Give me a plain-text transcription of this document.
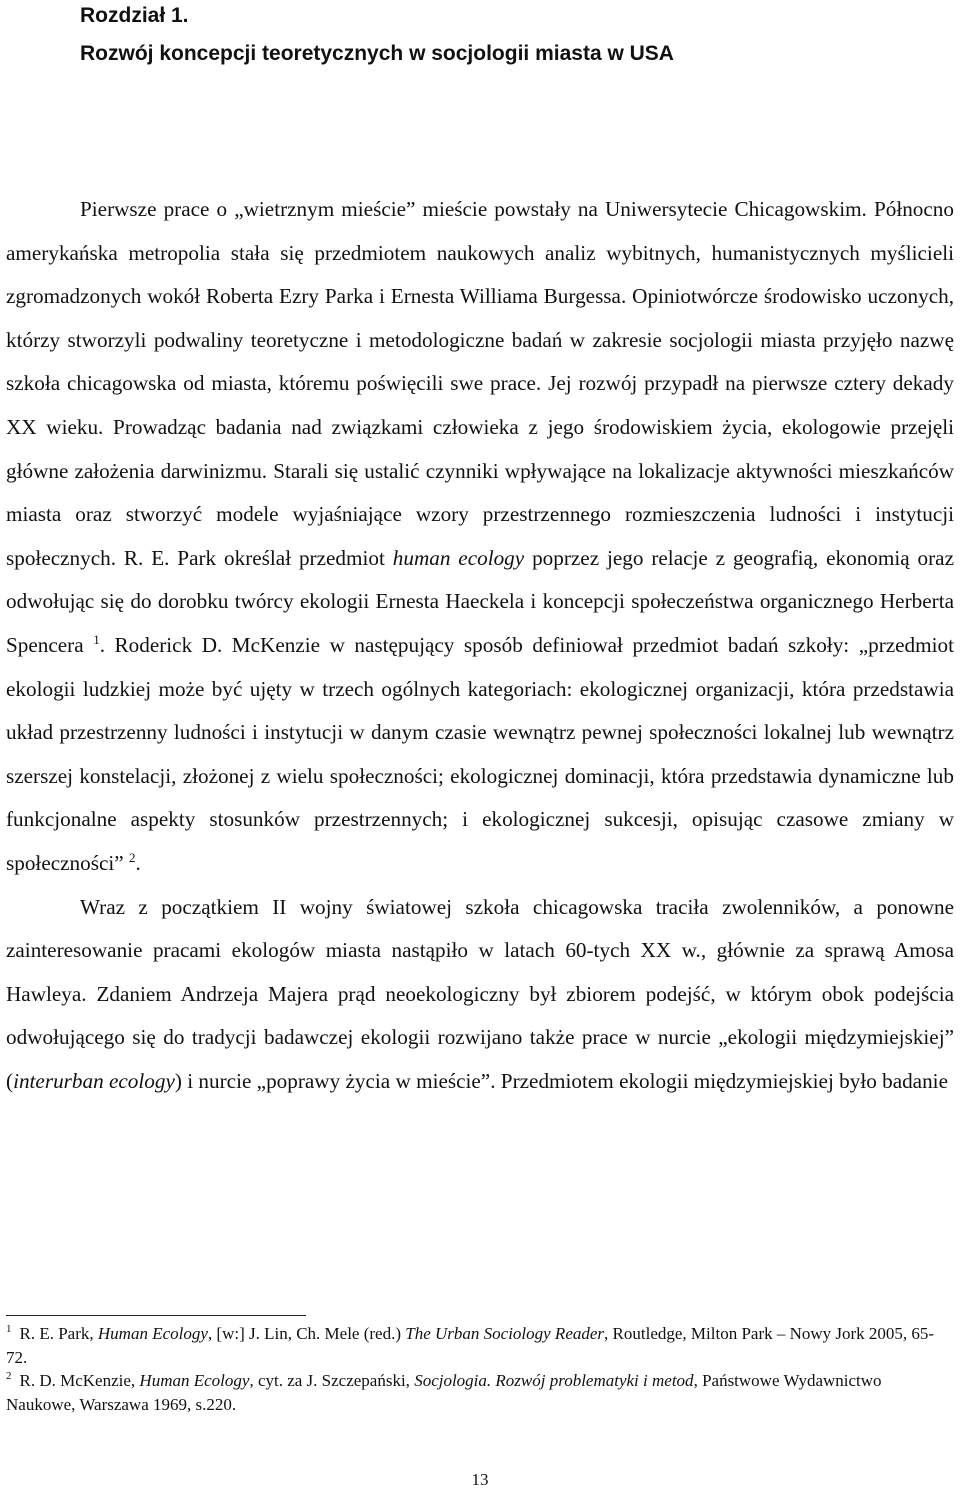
Rozdział 1.
Rozwój koncepcji teoretycznych w socjologii miasta w USA

Pierwsze prace o „wietrznym mieście” mieście powstały na Uniwersytecie Chicagowskim. Północno amerykańska metropolia stała się przedmiotem naukowych analiz wybitnych, humanistycznych myślicieli zgromadzonych wokół Roberta Ezry Parka i Ernesta Williama Burgessa. Opiniotwórcze środowisko uczonych, którzy stworzyli podwaliny teoretyczne i metodologiczne badań w zakresie socjologii miasta przyjęło nazwę szkoła chicagowska od miasta, któremu poświęcili swe prace. Jej rozwój przypadł na pierwsze cztery dekady XX wieku. Prowadząc badania nad związkami człowieka z jego środowiskiem życia, ekologowie przejęli główne założenia darwinizmu. Starali się ustalić czynniki wpływające na lokalizacje aktywności mieszkańców miasta oraz stworzyć modele wyjaśniające wzory przestrzennego rozmieszczenia ludności i instytucji społecznych. R. E. Park określał przedmiot human ecology poprzez jego relacje z geografią, ekonomią oraz odwołując się do dorobku twórcy ekologii Ernesta Haeckela i koncepcji społeczeństwa organicznego Herberta Spencera $^1$. Roderick D. McKenzie w następujący sposób definiował przedmiot badań szkoły: „przedmiot ekologii ludzkiej może być ujęty w trzech ogólnych kategoriach: ekologicznej organizacji, która przedstawia układ przestrzenny ludności i instytucji w danym czasie wewnątrz pewnej społeczności lokalnej lub wewnątrz szerszej konstelacji, złożonej z wielu społeczności; ekologicznej dominacji, która przedstawia dynamiczne lub funkcjonalne aspekty stosunków przestrzennych; i ekologicznej sukcesji, opisując czasowe zmiany w społeczności” $^2$.

Wraz z początkiem II wojny światowej szkoła chicagowska traciła zwolenników, a ponowne zainteresowanie pracami ekologów miasta nastąpiło w latach 60-tych XX w., głównie za sprawą Amosa Hawleya. Zdaniem Andrzeja Majera prąd neoekologiczny był zbiorem podejść, w którym obok podejścia odwołującego się do tradycji badawczej ekologii rozwijano także prace w nurcie „ekologii międzymiejskiej” (interurban ecology) i nurcie „poprawy życia w mieście”. Przedmiotem ekologii międzymiejskiej było badanie

$^1$ R. E. Park, Human Ecology, [w:] J. Lin, Ch. Mele (red.) The Urban Sociology Reader, Routledge, Milton Park – Nowy Jork 2005, 65-72.

$^2$ R. D. McKenzie, Human Ecology, cyt. za J. Szczepański, Socjologia. Rozwój problematyki i metod, Państwowe Wydawnictwo Naukowe, Warszawa 1969, s.220.

13
